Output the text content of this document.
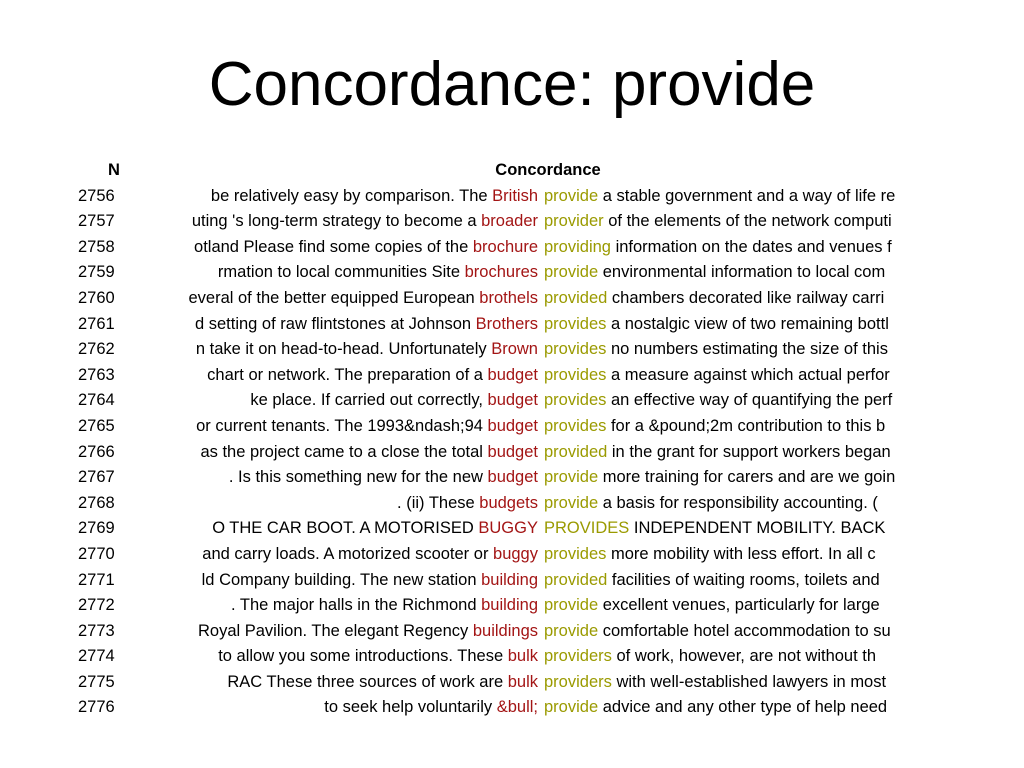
Concordance: provide
N	Concordance
2756	be relatively easy by comparison. The British provide a stable government and a way of life re
2757	uting 's long-term strategy to become a broader provider of the elements of the network computi
2758	otland Please find some copies of the brochure providing information on the dates and venues f
2759	rmation to local communities Site brochures provide environmental information to local com
2760	everal of the better equipped European brothels provided chambers decorated like railway carri
2761	d setting of raw flintstones at Johnson Brothers provides a nostalgic view of two remaining bottl
2762	n take it on head-to-head. Unfortunately Brown provides no numbers estimating the size of this
2763	chart or network. The preparation of a budget provides a measure against which actual perfor
2764	ke place. If carried out correctly, budget provides an effective way of quantifying the perf
2765	or current tenants. The 1993&ndash;94 budget provides for a &pound;2m contribution to this b
2766	as the project came to a close the total budget provided in the grant for support workers began
2767	. Is this something new for the new budget provide more training for carers and are we goin
2768	. (ii) These budgets provide a basis for responsibility accounting. (
2769	O THE CAR BOOT. A MOTORISED BUGGY PROVIDES INDEPENDENT MOBILITY. BACK
2770	and carry loads. A motorized scooter or buggy provides more mobility with less effort. In all c
2771	ld Company building. The new station building provided facilities of waiting rooms, toilets and
2772	. The major halls in the Richmond building provide excellent venues, particularly for large
2773	Royal Pavilion. The elegant Regency buildings provide comfortable hotel accommodation to su
2774	to allow you some introductions. These bulk providers of work, however, are not without th
2775	RAC These three sources of work are bulk providers with well-established lawyers in most
2776	to seek help voluntarily &bull; provide advice and any other type of help need
